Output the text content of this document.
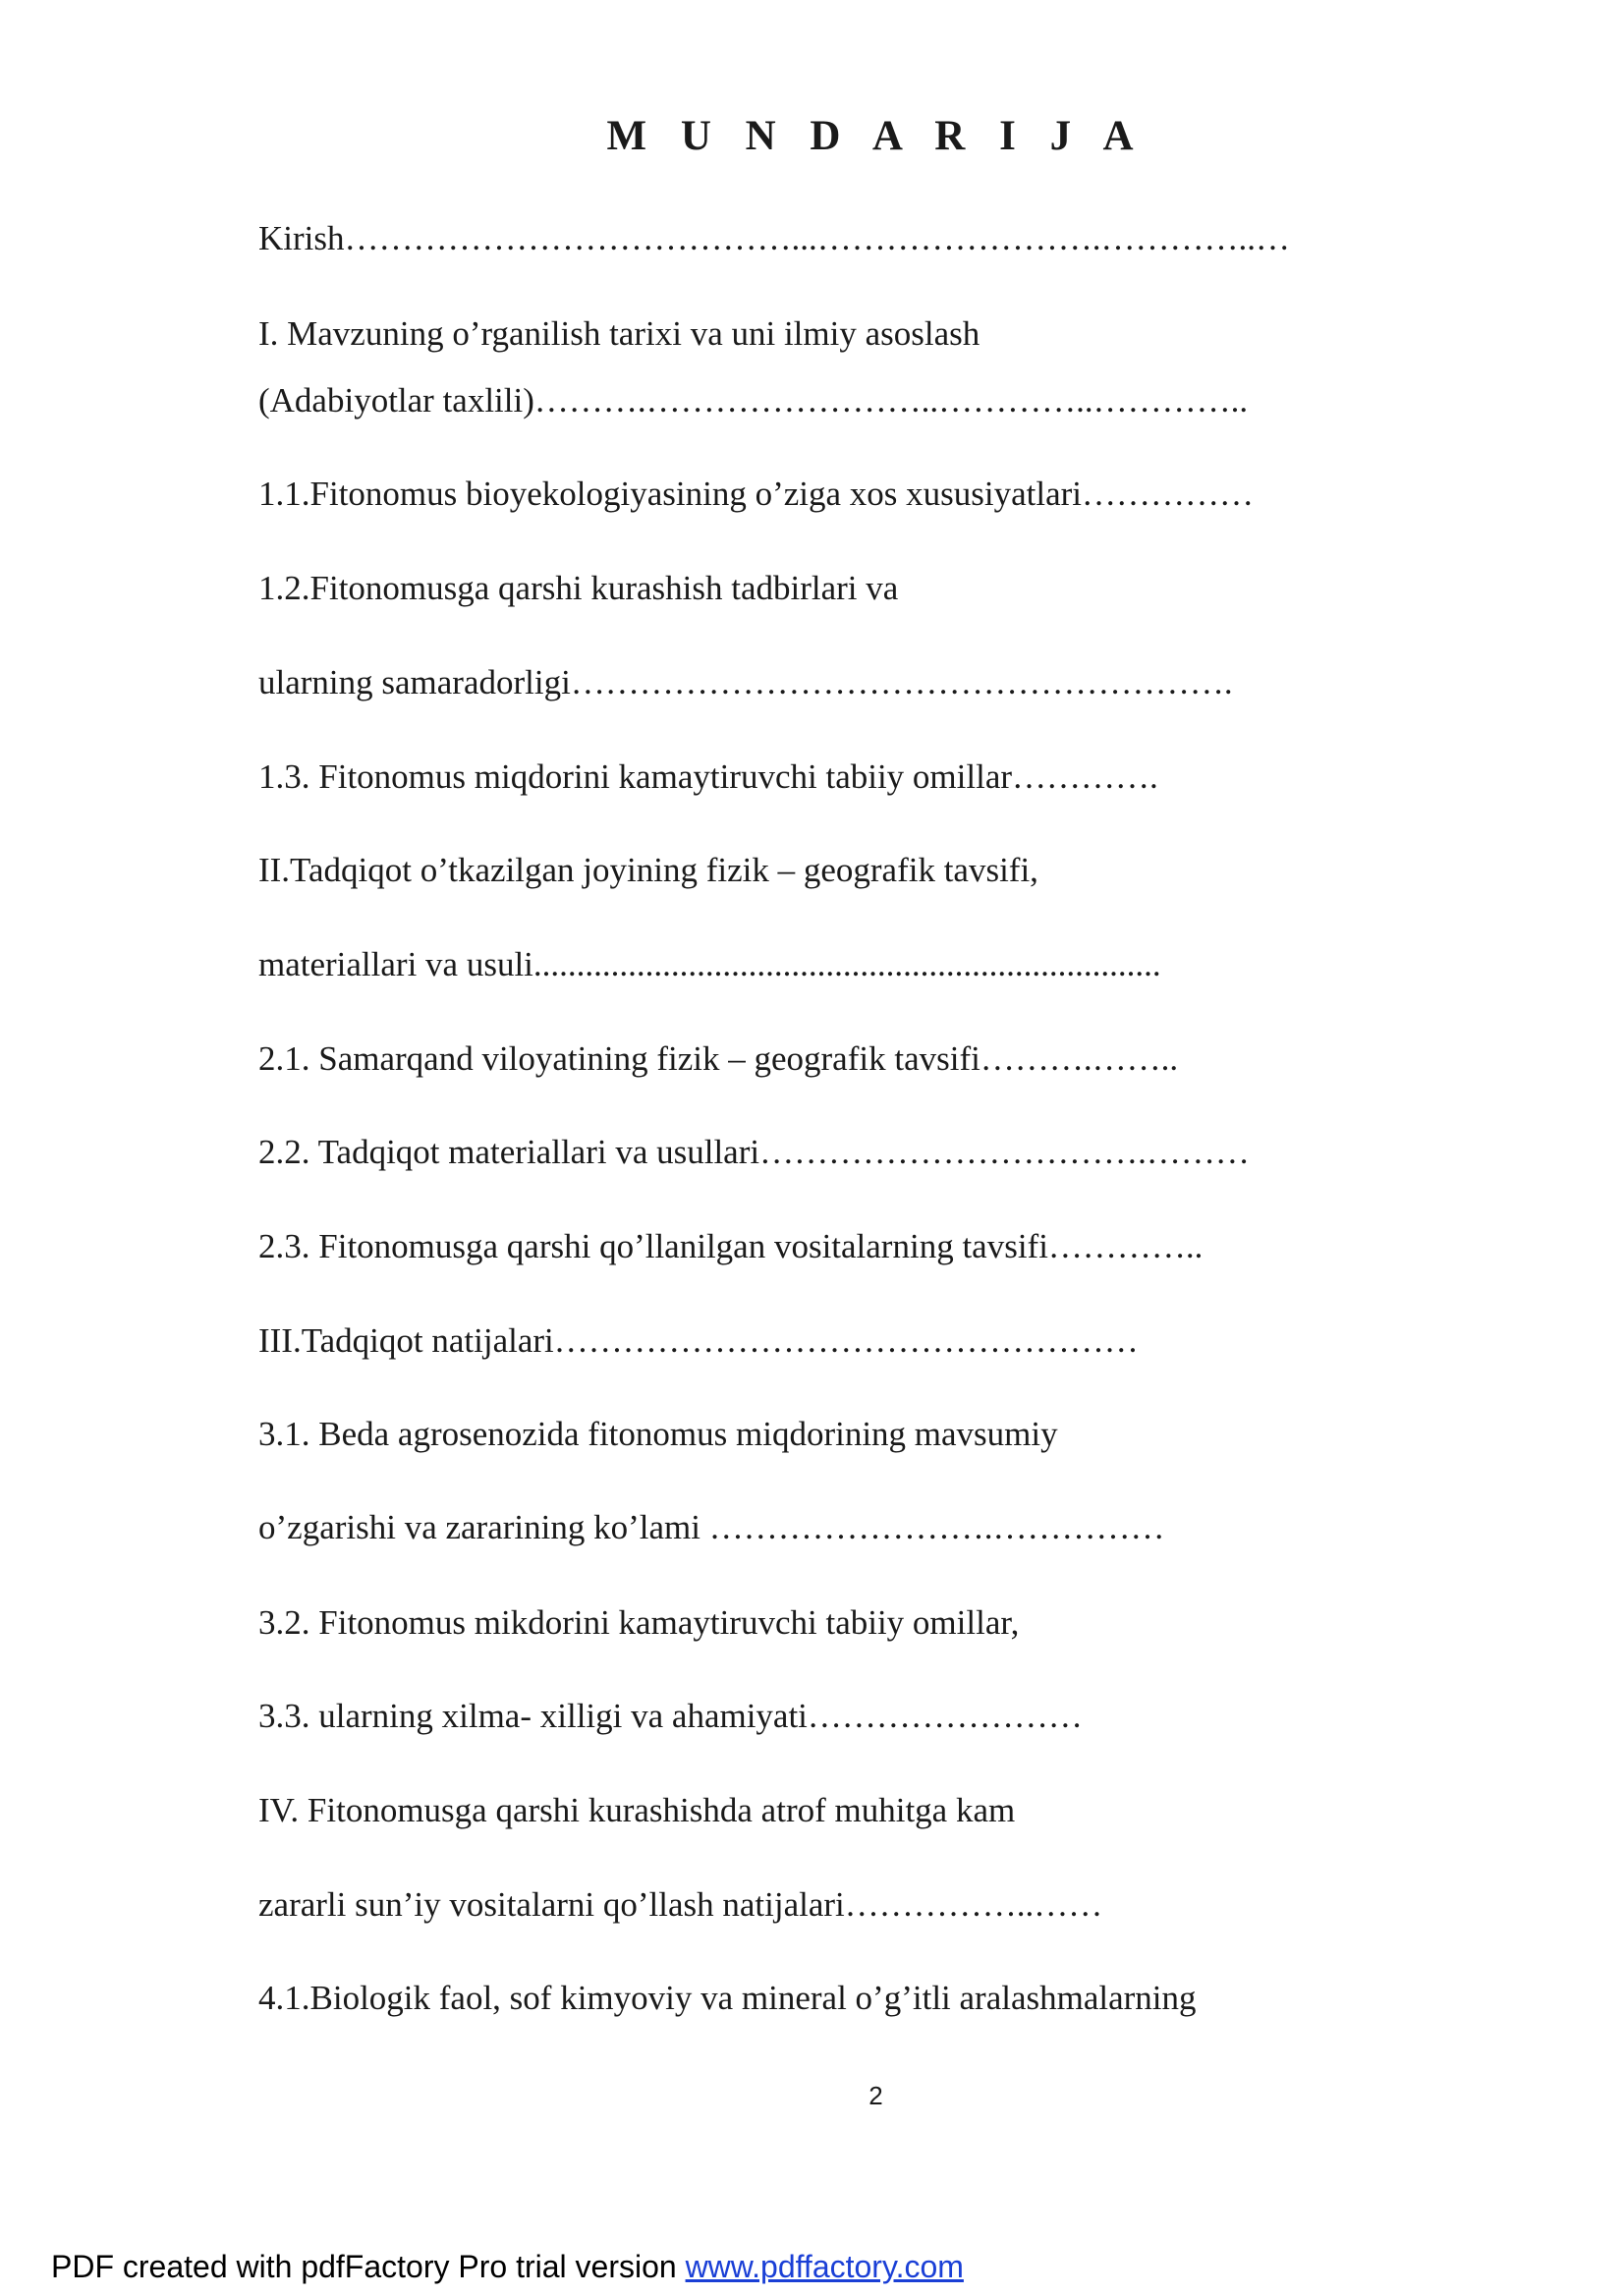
M U N D A R I J A
Kirish…………………………………...…………………….…………..…
I. Mavzuning o’rganilish tarixi va uni ilmiy asoslash
(Adabiyotlar taxlili)……….……………………..…………..…………..
1.1.Fitonomus bioyekologiyasining o’ziga xos xususiyatlari……………
1.2.Fitonomusga qarshi kurashish tadbirlari va
ularning samaradorligi………………………………………………….
1.3. Fitonomus miqdorini kamaytiruvchi tabiiy omillar………….
II.Tadqiqot o’tkazilgan joyining fizik – geografik tavsifi,
materiallari va usuli.........................................................................
2.1. Samarqand viloyatining fizik – geografik tavsifi……….……..
2.2. Tadqiqot materiallari va usullari…………………………….………
2.3. Fitonomusga qarshi qo’llanilgan vositalarning tavsifi…………..
III.Tadqiqot natijalari……………………………………………
3.1. Beda agrosenozida fitonomus miqdorining mavsumiy
o’zgarishi va zararining ko’lami …………………….……………
3.2. Fitonomus mikdorini kamaytiruvchi tabiiy omillar,
3.3. ularning xilma- xilligi va ahamiyati……………………
IV. Fitonomusga qarshi kurashishda atrof muhitga kam
zararli sun’iy vositalarni qo’llash natijalari……………..……
4.1.Biologik faol, sof kimyoviy va mineral o’g’itli aralashmalarning
2
PDF created with pdfFactory Pro trial version www.pdffactory.com
